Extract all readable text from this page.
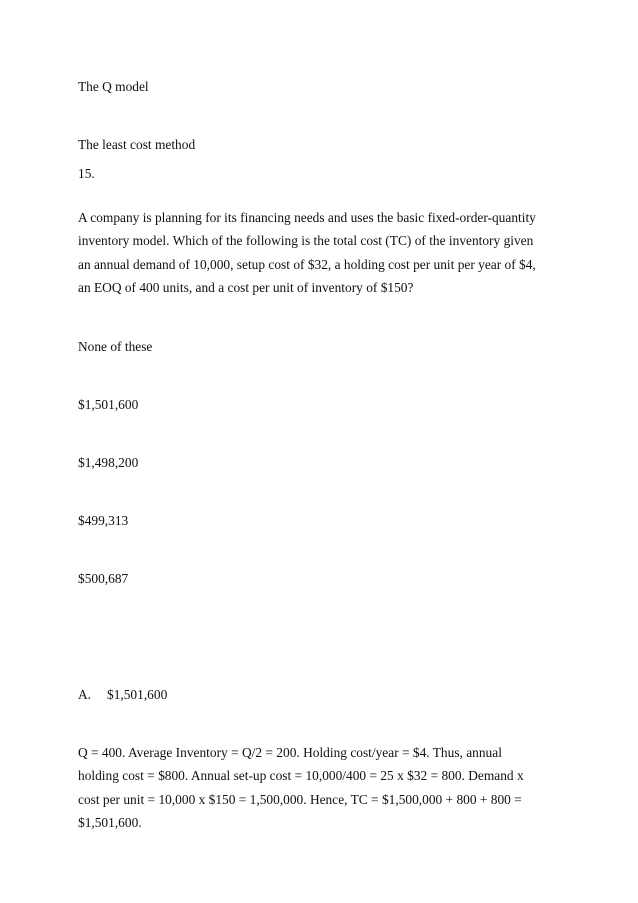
The Q model

The least cost method

15.

A company is planning for its financing needs and uses the basic fixed-order-quantity
inventory model. Which of the following is the total cost (TC) of the inventory given
an annual demand of 10,000, setup cost of $32, a holding cost per unit per year of $4,
an EOQ of 400 units, and a cost per unit of inventory of $150?

None of these

$1,501,600

$1,498,200

$499,313

$500,687

A. $1,501,600

Q = 400. Average Inventory = Q/2 = 200. Holding cost/year = $4. Thus, annual
holding cost = $800. Annual set-up cost = 10,000/400 = 25 x $32 = 800. Demand x
cost per unit = 10,000 x $150 = 1,500,000. Hence, TC = $1,500,000 + 800 + 800 =
$1,501,600.
